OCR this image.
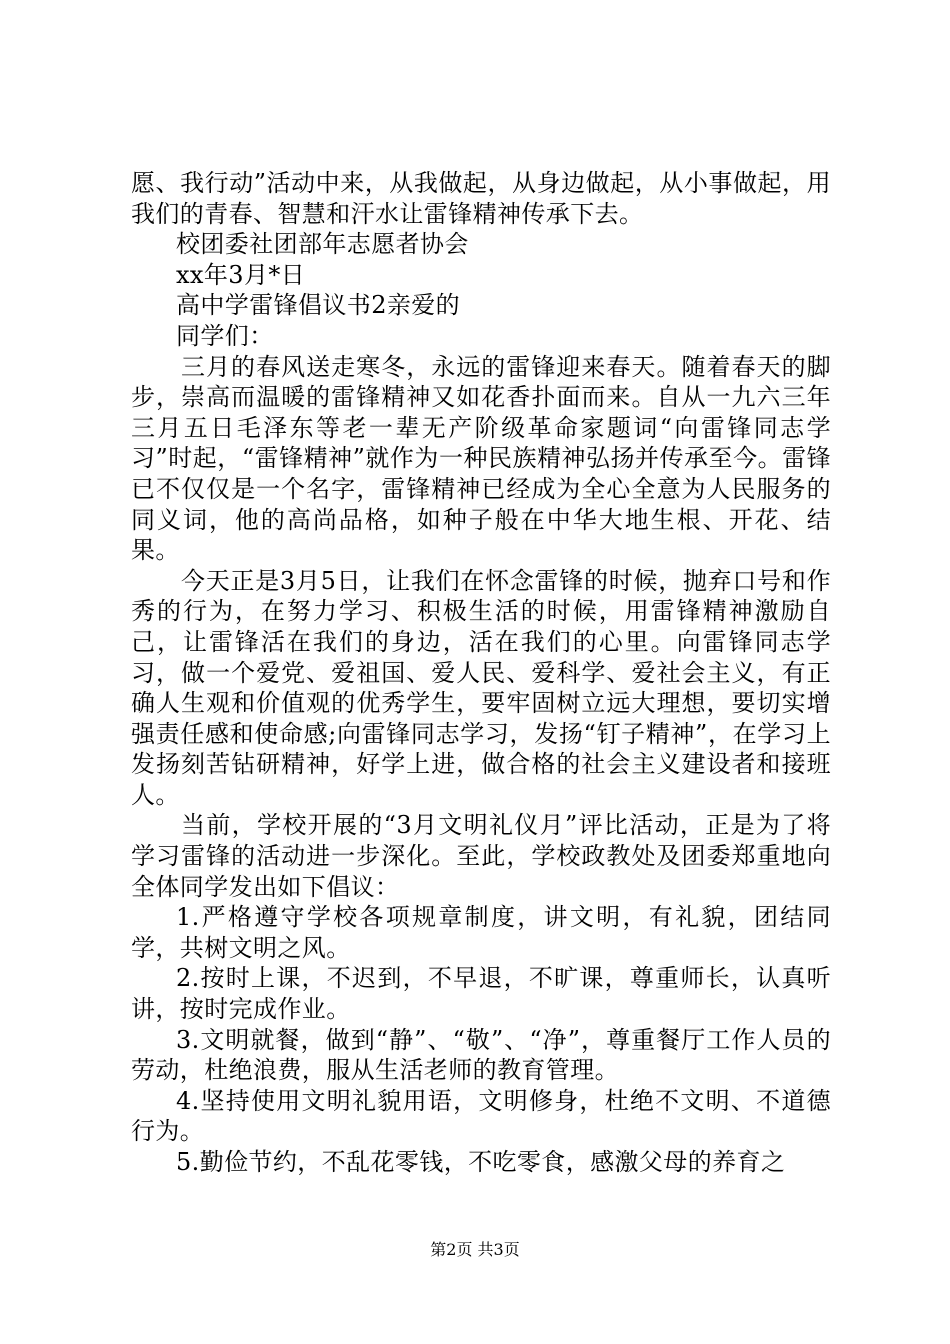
愿、我行动”活动中来，从我做起，从身边做起，从小事做起，用我们的青春、智慧和汗水让雷锋精神传承下去。

校团委社团部年志愿者协会

xx年3月*日

高中学雷锋倡议书2亲爱的

同学们：

三月的春风送走寒冬，永远的雷锋迎来春天。随着春天的脚步，崇高而温暖的雷锋精神又如花香扑面而来。自从一九六三年三月五日毛泽东等老一辈无产阶级革命家题词“向雷锋同志学习”时起，“雷锋精神”就作为一种民族精神弘扬并传承至今。雷锋已不仅仅是一个名字，雷锋精神已经成为全心全意为人民服务的同义词，他的高尚品格，如种子般在中华大地生根、开花、结果。

今天正是3月5日，让我们在怀念雷锋的时候，抛弃口号和作秀的行为，在努力学习、积极生活的时候，用雷锋精神激励自己，让雷锋活在我们的身边，活在我们的心里。向雷锋同志学习，做一个爱党、爱祖国、爱人民、爱科学、爱社会主义，有正确人生观和价值观的优秀学生，要牢固树立远大理想，要切实增强责任感和使命感;向雷锋同志学习，发扬“钉子精神”，在学习上发扬刻苦钻研精神，好学上进，做合格的社会主义建设者和接班人。

当前，学校开展的“3月文明礼仪月”评比活动，正是为了将学习雷锋的活动进一步深化。至此，学校政教处及团委郑重地向全体同学发出如下倡议：

1.严格遵守学校各项规章制度，讲文明，有礼貌，团结同学，共树文明之风。

2.按时上课，不迟到，不早退，不旷课，尊重师长，认真听讲，按时完成作业。

3.文明就餐，做到“静”、“敬”、“净”，尊重餐厅工作人员的劳动，杜绝浪费，服从生活老师的教育管理。

4.坚持使用文明礼貌用语，文明修身，杜绝不文明、不道德行为。

5.勤俭节约，不乱花零钱，不吃零食，感激父母的养育之

第2页 共3页
